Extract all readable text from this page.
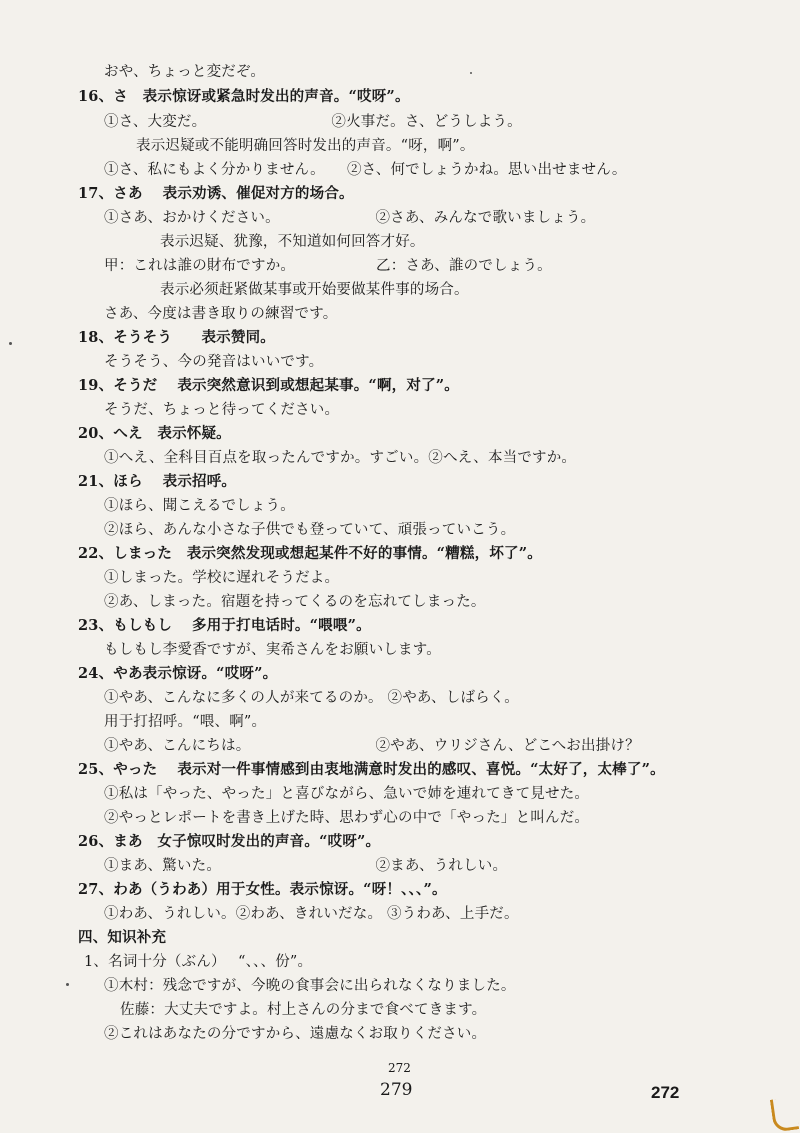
おや、ちょっと変だぞ。
16、さ　表示惊讶或紧急时发出的声音。“哎呀”。
①さ、大変だ。　　　　　　　　　②火事だ。さ、どうしよう。
表示迟疑或不能明确回答时发出的声音。“呀，啊”。
①さ、私にもよく分かりません。　　②さ、何でしょうかね。思い出せません。
17、さあ　 表示劝诱、催促对方的场合。
①さあ、おかけください。　　　　　　　②さあ、みんなで歌いましょう。
表示迟疑、犹豫，不知道如何回答才好。
甲：これは誰の財布ですか。　　　　　　乙：さあ、誰のでしょう。
表示必须赶紧做某事或开始要做某件事的场合。
さあ、今度は書き取りの練習です。
18、そうそう　　表示赞同。
そうそう、今の発音はいいです。
19、そうだ　 表示突然意识到或想起某事。“啊，对了”。
そうだ、ちょっと待ってください。
20、へえ　表示怀疑。
①へえ、全科目百点を取ったんですか。すごい。②へえ、本当ですか。
21、ほら　 表示招呼。
①ほら、聞こえるでしょう。
②ほら、あんな小さな子供でも登っていて、頑張っていこう。
22、しまった　表示突然发现或想起某件不好的事情。“糟糕，坏了”。
①しまった。学校に遅れそうだよ。
②あ、しまった。宿題を持ってくるのを忘れてしまった。
23、もしもし　 多用于打电话时。“喂喂”。
もしもし李愛香ですが、実希さんをお願いします。
24、やあ表示惊讶。“哎呀”。
①やあ、こんなに多くの人が来てるのか。 ②やあ、しばらく。
用于打招呼。“喂、啊”。
①やあ、こんにちは。　　　　　　　　　②やあ、ウリジさん、どこへお出掛け？
25、やった　 表示对一件事情感到由衷地满意时发出的感叹、喜悦。“太好了，太棒了”。
①私は「やった、やった」と喜びながら、急いで姉を連れてきて見せた。
②やっとレポートを書き上げた時、思わず心の中で「やった」と叫んだ。
26、まあ　女子惊叹时发出的声音。“哎呀”。
①まあ、驚いた。　　　　　　　　　　　②まあ、うれしい。
27、わあ（うわあ）用于女性。表示惊讶。“呀！、、、”。
①わあ、うれしい。②わあ、きれいだな。 ③うわあ、上手だ。
四、知识补充
1、名词十分（ぶん）　 “、、、份”。
①木村：残念ですが、今晩の食事会に出られなくなりました。
佐藤：大丈夫ですよ。村上さんの分まで食べてきます。
②これはあなたの分ですから、遠慮なくお取りください。
272
279	272
